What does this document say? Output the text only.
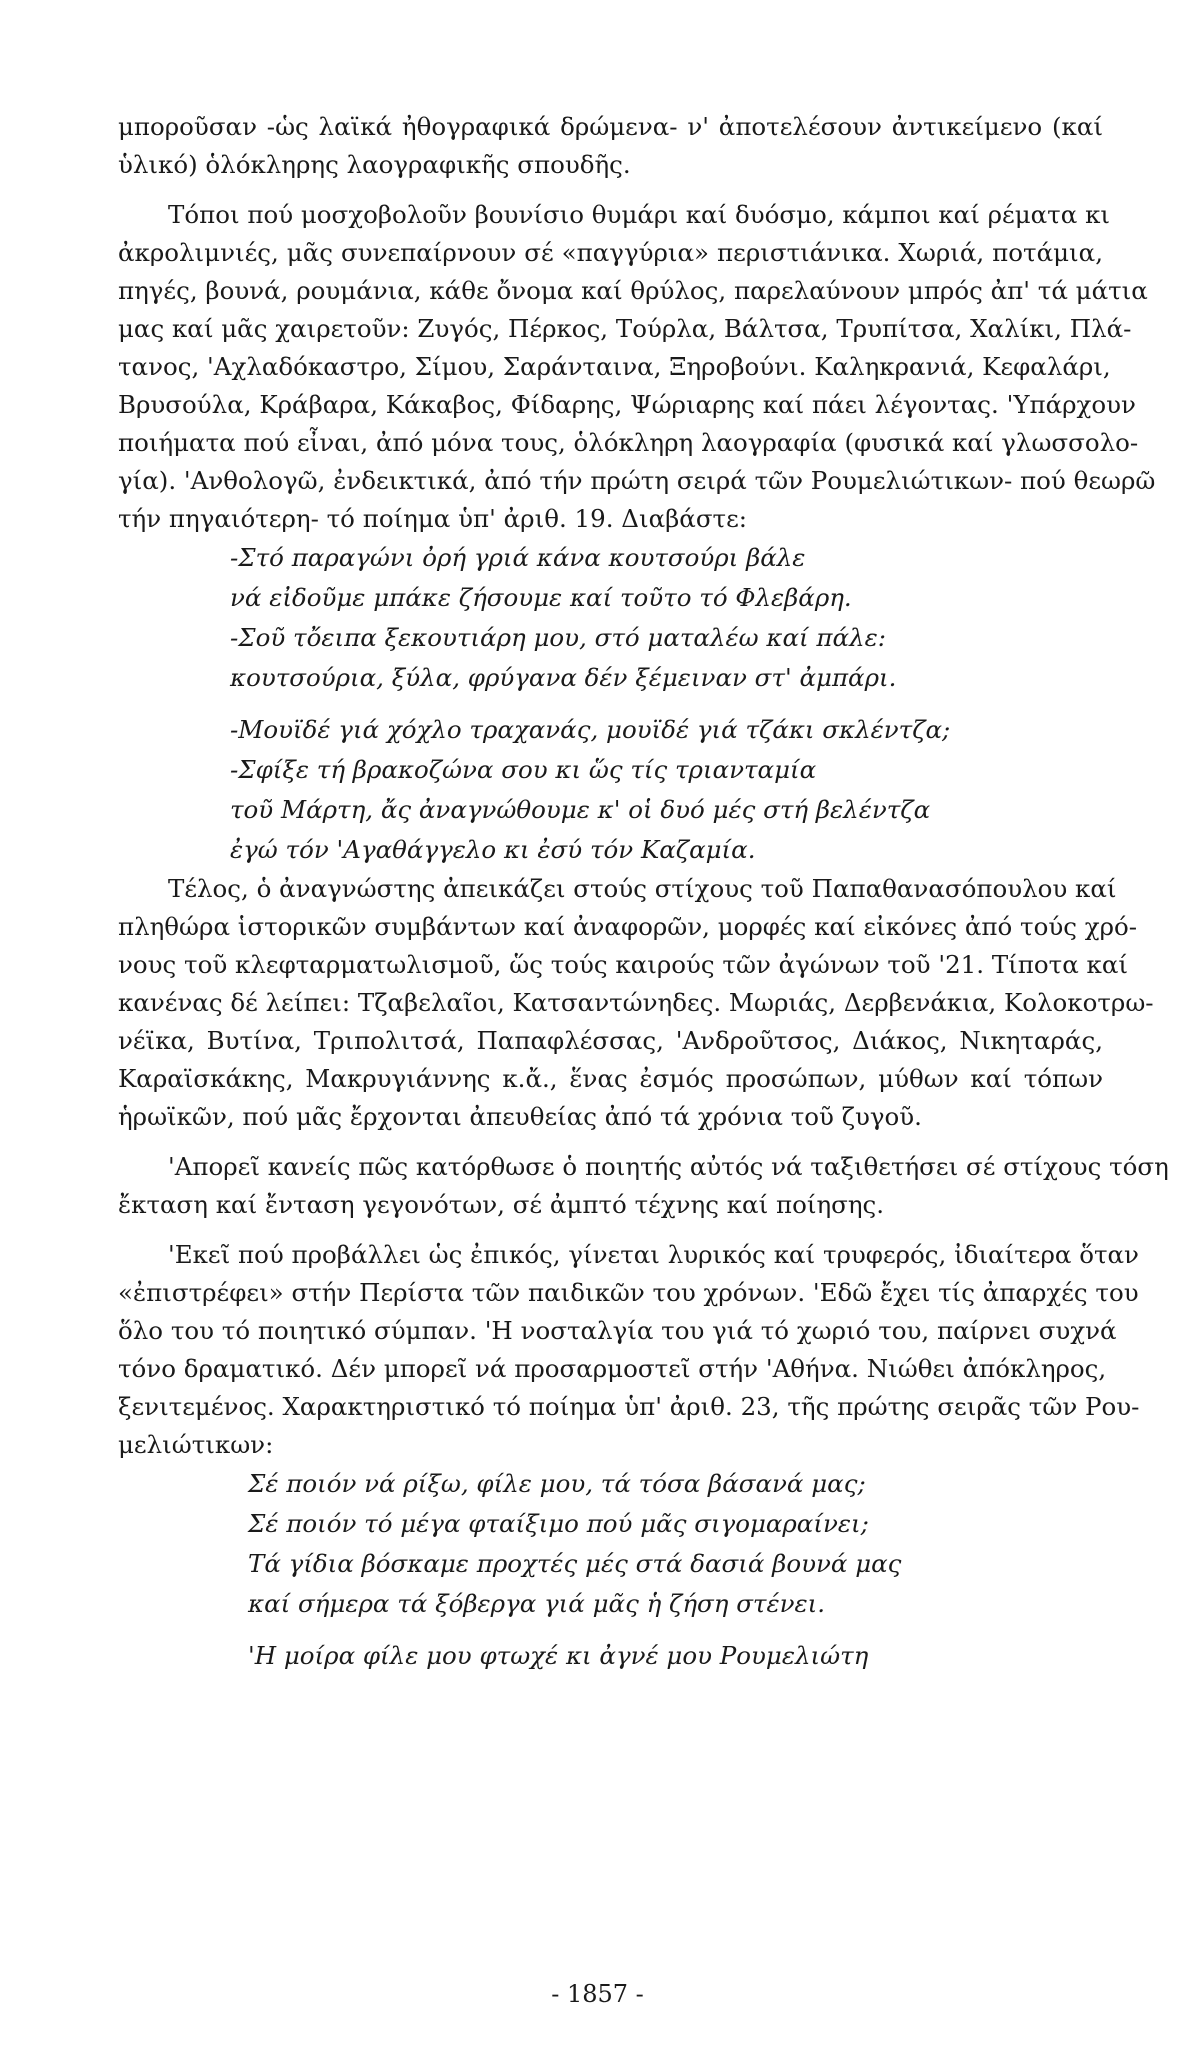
μποροῦσαν -ὡς λαϊκά ἠθογραφικά δρώμενα- ν' ἀποτελέσουν ἀντικείμενο (καί
ὑλικό) ὁλόκληρης λαογραφικῆς σπουδῆς.
Τόποι πού μοσχοβολοῦν βουνίσιο θυμάρι καί δυόσμο, κάμποι καί ρέματα κι
ἀκρολιμνιές, μᾶς συνεπαίρνουν σέ «παγγύρια» περιστιάνικα. Χωριά, ποτάμια,
πηγές, βουνά, ρουμάνια, κάθε ὄνομα καί θρύλος, παρελαύνουν μπρός ἀπ' τά μάτια
μας καί μᾶς χαιρετοῦν: Ζυγός, Πέρκος, Τούρλα, Βάλτσα, Τρυπίτσα, Χαλίκι, Πλά-
τανος, 'Αχλαδόκαστρο, Σίμου, Σαράνταινα, Ξηροβούνι. Καληκρανιά, Κεφαλάρι,
Βρυσούλα, Κράβαρα, Κάκαβος, Φίδαρης, Ψώριαρης καί πάει λέγοντας. 'Υπάρχουν
ποιήματα πού εἶναι, ἀπό μόνα τους, ὁλόκληρη λαογραφία (φυσικά καί γλωσσολο-
γία). 'Ανθολογῶ, ἐνδεικτικά, ἀπό τήν πρώτη σειρά τῶν Ρουμελιώτικων- πού θεωρῶ
τήν πηγαιότερη- τό ποίημα ὑπ' ἀριθ. 19. Διαβάστε:
-Στό παραγώνι ὀρή γριά κάνα κουτσούρι βάλε
νά εἰδοῦμε μπάκε ζήσουμε καί τοῦτο τό Φλεβάρη.
-Σοῦ τὄειπα ξεκουτιάρη μου, στό ματαλέω καί πάλε:
κουτσούρια, ξύλα, φρύγανα δέν ξέμειναν στ' ἀμπάρι.
-Μουϊδέ γιά χόχλο τραχανάς, μουϊδέ γιά τζάκι σκλέντζα;
-Σφίξε τή βρακοζώνα σου κι ὥς τίς τριανταμία
τοῦ Μάρτη, ἄς ἀναγνώθουμε κ' οἱ δυό μές στή βελέντζα
ἐγώ τόν 'Αγαθάγγελο κι ἐσύ τόν Καζαμία.
Τέλος, ὁ ἀναγνώστης ἀπεικάζει στούς στίχους τοῦ Παπαθανασόπουλου καί
πληθώρα ἱστορικῶν συμβάντων καί ἀναφορῶν, μορφές καί εἰκόνες ἀπό τούς χρό-
νους τοῦ κλεφταρματωλισμοῦ, ὥς τούς καιρούς τῶν ἀγώνων τοῦ '21. Τίποτα καί
κανένας δέ λείπει: Τζαβελαῖοι, Κατσαντώνηδες. Μωριάς, Δερβενάκια, Κολοκοτρω-
νέϊκα, Βυτίνα, Τριπολιτσά, Παπαφλέσσας, 'Ανδροῦτσος, Διάκος, Νικηταράς,
Καραϊσκάκης, Μακρυγιάννης κ.ἄ., ἕνας ἐσμός προσώπων, μύθων καί τόπων
ἡρωϊκῶν, πού μᾶς ἔρχονται ἀπευθείας ἀπό τά χρόνια τοῦ ζυγοῦ.
'Απορεῖ κανείς πῶς κατόρθωσε ὁ ποιητής αὐτός νά ταξιθετήσει σέ στίχους τόση
ἔκταση καί ἔνταση γεγονότων, σέ ἀμπτό τέχνης καί ποίησης.
'Εκεῖ πού προβάλλει ὡς ἐπικός, γίνεται λυρικός καί τρυφερός, ἰδιαίτερα ὅταν
«ἐπιστρέφει» στήν Περίστα τῶν παιδικῶν του χρόνων. 'Εδῶ ἔχει τίς ἀπαρχές του
ὅλο του τό ποιητικό σύμπαν. 'Η νοσταλγία του γιά τό χωριό του, παίρνει συχνά
τόνο δραματικό. Δέν μπορεῖ νά προσαρμοστεῖ στήν 'Αθήνα. Νιώθει ἀπόκληρος,
ξενιτεμένος. Χαρακτηριστικό τό ποίημα ὑπ' ἀριθ. 23, τῆς πρώτης σειρᾶς τῶν Ρου-
μελιώτικων:
Σέ ποιόν νά ρίξω, φίλε μου, τά τόσα βάσανά μας;
Σέ ποιόν τό μέγα φταίξιμο πού μᾶς σιγομαραίνει;
Τά γίδια βόσκαμε προχτές μές στά δασιά βουνά μας
καί σήμερα τά ξόβεργα γιά μᾶς ἡ ζήση στένει.
'Η μοίρα φίλε μου φτωχέ κι ἀγνέ μου Ρουμελιώτη
- 1857 -
